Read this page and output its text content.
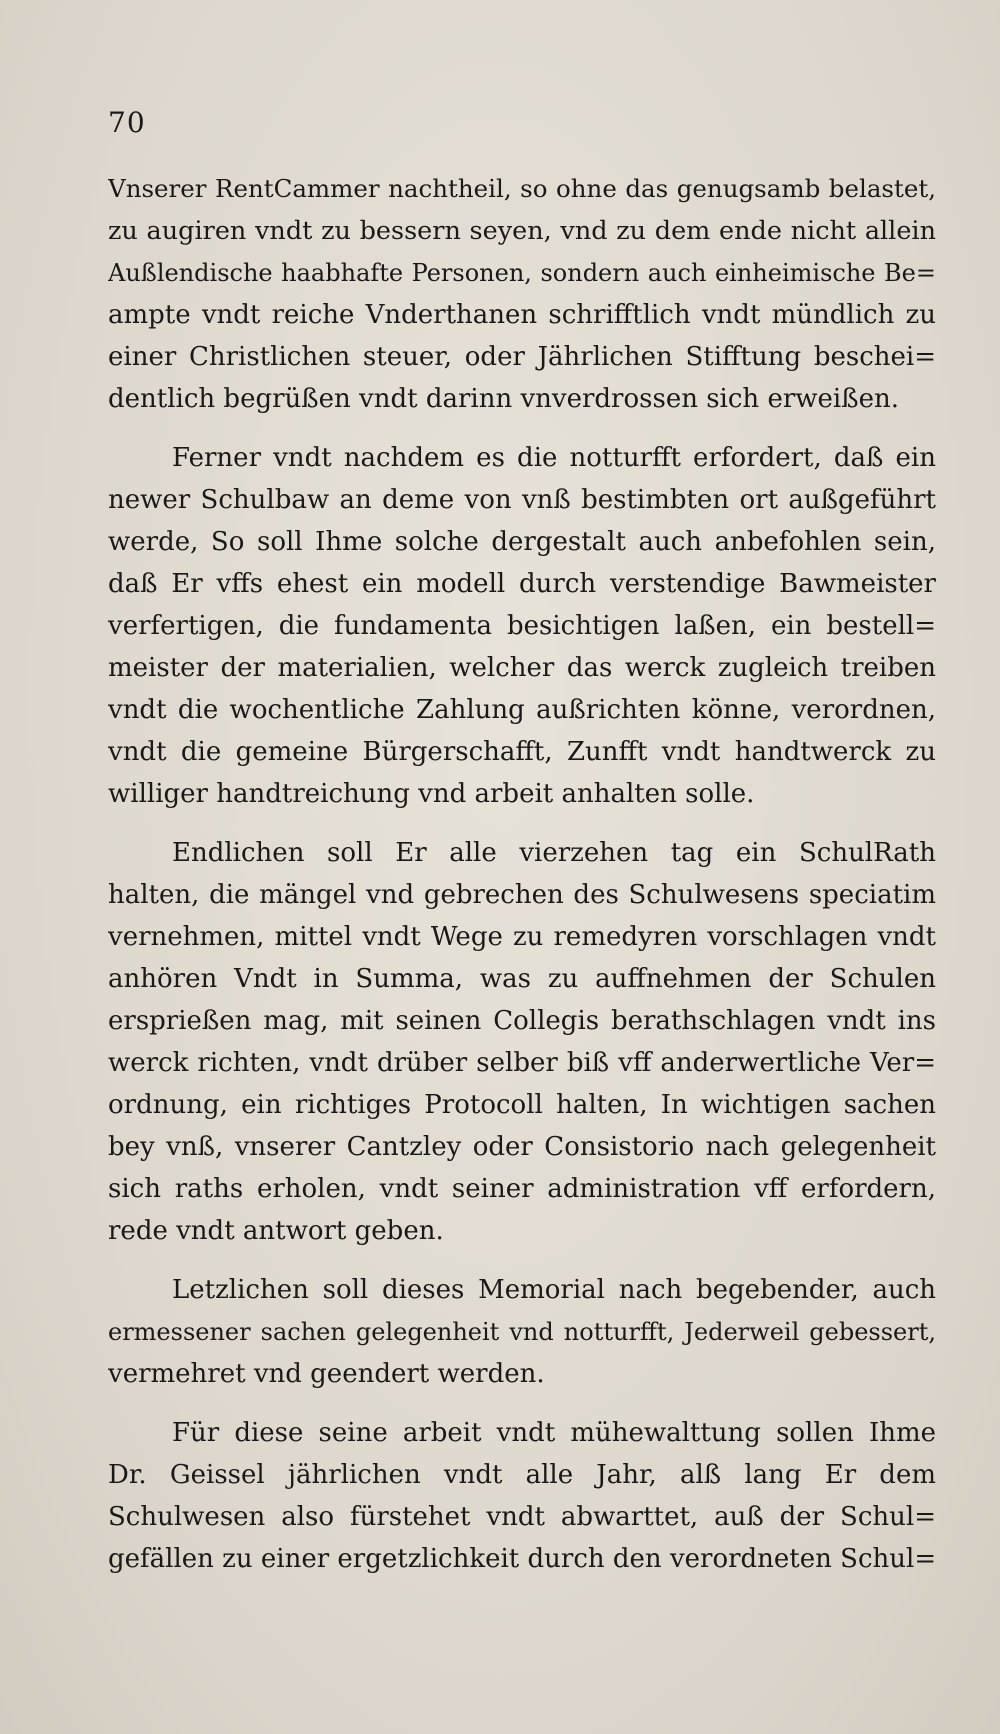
70

Vnserer RentCammer nachtheil, so ohne das genugsamb belastet,
zu augiren vndt zu bessern seyen, vnd zu dem ende nicht allein
Außlendische haabhafte Personen, sondern auch einheimische Be=
ampte vndt reiche Vnderthanen schrifftlich vndt mündlich zu
einer Christlichen steuer, oder Jährlichen Stifftung beschei=
dentlich begrüßen vndt darinn vnverdrossen sich erweißen.

Ferner vndt nachdem es die notturfft erfordert, daß ein
newer Schulbaw an deme von vnß bestimbten ort außgeführt
werde, So soll Ihme solche dergestalt auch anbefohlen sein,
daß Er vffs ehest ein modell durch verstendige Bawmeister
verfertigen, die fundamenta besichtigen laßen, ein bestell=
meister der materialien, welcher das werck zugleich treiben
vndt die wochentliche Zahlung außrichten könne, verordnen,
vndt die gemeine Bürgerschafft, Zunfft vndt handtwerck zu
williger handtreichung vnd arbeit anhalten solle.

Endlichen soll Er alle vierzehen tag ein SchulRath
halten, die mängel vnd gebrechen des Schulwesens speciatim
vernehmen, mittel vndt Wege zu remedyren vorschlagen vndt
anhören Vndt in Summa, was zu auffnehmen der Schulen
ersprießen mag, mit seinen Collegis berathschlagen vndt ins
werck richten, vndt drüber selber biß vff anderwertliche Ver=
ordnung, ein richtiges Protocoll halten, In wichtigen sachen
bey vnß, vnserer Cantzley oder Consistorio nach gelegenheit
sich raths erholen, vndt seiner administration vff erfordern,
rede vndt antwort geben.

Letzlichen soll dieses Memorial nach begebender, auch
ermessener sachen gelegenheit vnd notturfft, Jederweil gebessert,
vermehret vnd geendert werden.

Für diese seine arbeit vndt mühewalttung sollen Ihme
Dr. Geissel jährlichen vndt alle Jahr, alß lang Er dem
Schulwesen also fürstehet vndt abwarttet, auß der Schul=
gefällen zu einer ergetzlichkeit durch den verordneten Schul=
